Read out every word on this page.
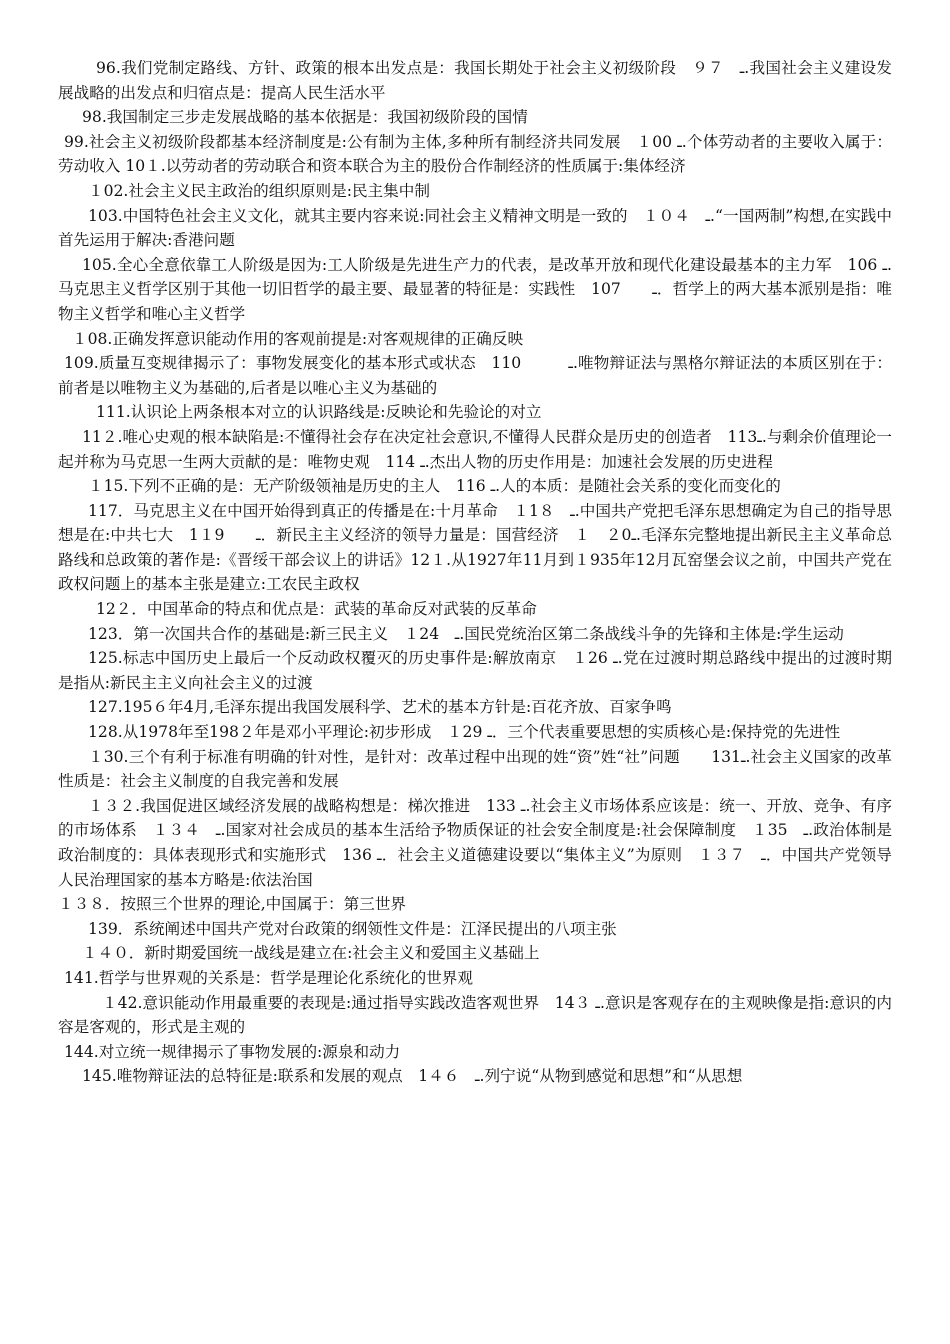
96.我们党制定路线、方针、政策的根本出发点是：我国长期处于社会主义初级阶段　９７　ـ.我国社会主义建设发展战略的出发点和归宿点是：提高人民生活水平

98.我国制定三步走发展战略的基本依据是：我国初级阶段的国情

99.社会主义初级阶段都基本经济制度是:公有制为主体,多种所有制经济共同发展　１00 ـ.个体劳动者的主要收入属于：劳动收入 10１.以劳动者的劳动联合和资本联合为主的股份合作制经济的性质属于:集体经济

１02.社会主义民主政治的组织原则是:民主集中制

103.中国特色社会主义文化，就其主要内容来说:同社会主义精神文明是一致的　１０４　ـ.“一国两制”构想,在实践中首先运用于解决:香港问题

105.全心全意依靠工人阶级是因为:工人阶级是先进生产力的代表，是改革开放和现代化建设最基本的主力军　106 ـ.马克思主义哲学区别于其他一切旧哲学的最主要、最显著的特征是：实践性　107　　ـ．哲学上的两大基本派别是指：唯物主义哲学和唯心主义哲学

１08.正确发挥意识能动作用的客观前提是:对客观规律的正确反映

109.质量互变规律揭示了：事物发展变化的基本形式或状态　110　　　ـ.唯物辩证法与黑格尔辩证法的本质区别在于：前者是以唯物主义为基础的,后者是以唯心主义为基础的

111.认识论上两条根本对立的认识路线是:反映论和先验论的对立

11２.唯心史观的根本缺陷是:不懂得社会存在决定社会意识,不懂得人民群众是历史的创造者　ـ113.与剩余价值理论一起并称为马克思一生两大贡献的是：唯物史观　114 ـ.杰出人物的历史作用是：加速社会发展的历史进程

１15.下列不正确的是：无产阶级领袖是历史的主人　116 ـ.人的本质：是随社会关系的变化而变化的

117．马克思主义在中国开始得到真正的传播是在:十月革命　１1８　ـ.中国共产党把毛泽东思想确定为自己的指导思想是在:中共七大　1１9　　ـ．新民主主义经济的领导力量是：国营经济　１　ـ２0.毛泽东完整地提出新民主主义革命总路线和总政策的著作是:《晋绥干部会议上的讲话》12１.从1927年11月到１935年12月瓦窑堡会议之前，中国共产党在政权问题上的基本主张是建立:工农民主政权

12２．中国革命的特点和优点是：武装的革命反对武装的反革命

123．第一次国共合作的基础是:新三民主义　１24　ـ.国民党统治区第二条战线斗争的先锋和主体是:学生运动

125.标志中国历史上最后一个反动政权覆灭的历史事件是:解放南京　１26 ـ.党在过渡时期总路线中提出的过渡时期是指从:新民主主义向社会主义的过渡

127.195６年4月,毛泽东提出我国发展科学、艺术的基本方针是:百花齐放、百家争鸣

128.从1978年至198２年是邓小平理论:初步形成　１29 ـ．三个代表重要思想的实质核心是:保持党的先进性

１30.三个有利于标准有明确的针对性，是针对：改革过程中出现的姓“资”姓“社”问题　　ـ131.社会主义国家的改革性质是：社会主义制度的自我完善和发展

１３２.我国促进区域经济发展的战略构想是：梯次推进　133 ـ.社会主义市场体系应该是：统一、开放、竞争、有序的市场体系　１３４　ـ.国家对社会成员的基本生活给予物质保证的社会安全制度是:社会保障制度　１35　ـ.政治体制是政治制度的：具体表现形式和实施形式　136 ـ．社会主义道德建设要以“集体主义”为原则　１３７　ـ．中国共产党领导人民治理国家的基本方略是:依法治国

１３８．按照三个世界的理论,中国属于：第三世界

139．系统阐述中国共产党对台政策的纲领性文件是：江泽民提出的八项主张

１４０．新时期爱国统一战线是建立在:社会主义和爱国主义基础上

141.哲学与世界观的关系是：哲学是理论化系统化的世界观

１42.意识能动作用最重要的表现是:通过指导实践改造客观世界　14３ ـ.意识是客观存在的主观映像是指:意识的内容是客观的，形式是主观的

144.对立统一规律揭示了事物发展的:源泉和动力

145.唯物辩证法的总特征是:联系和发展的观点　1４６　ـ.列宁说“从物到感觉和思想”和“从思想
